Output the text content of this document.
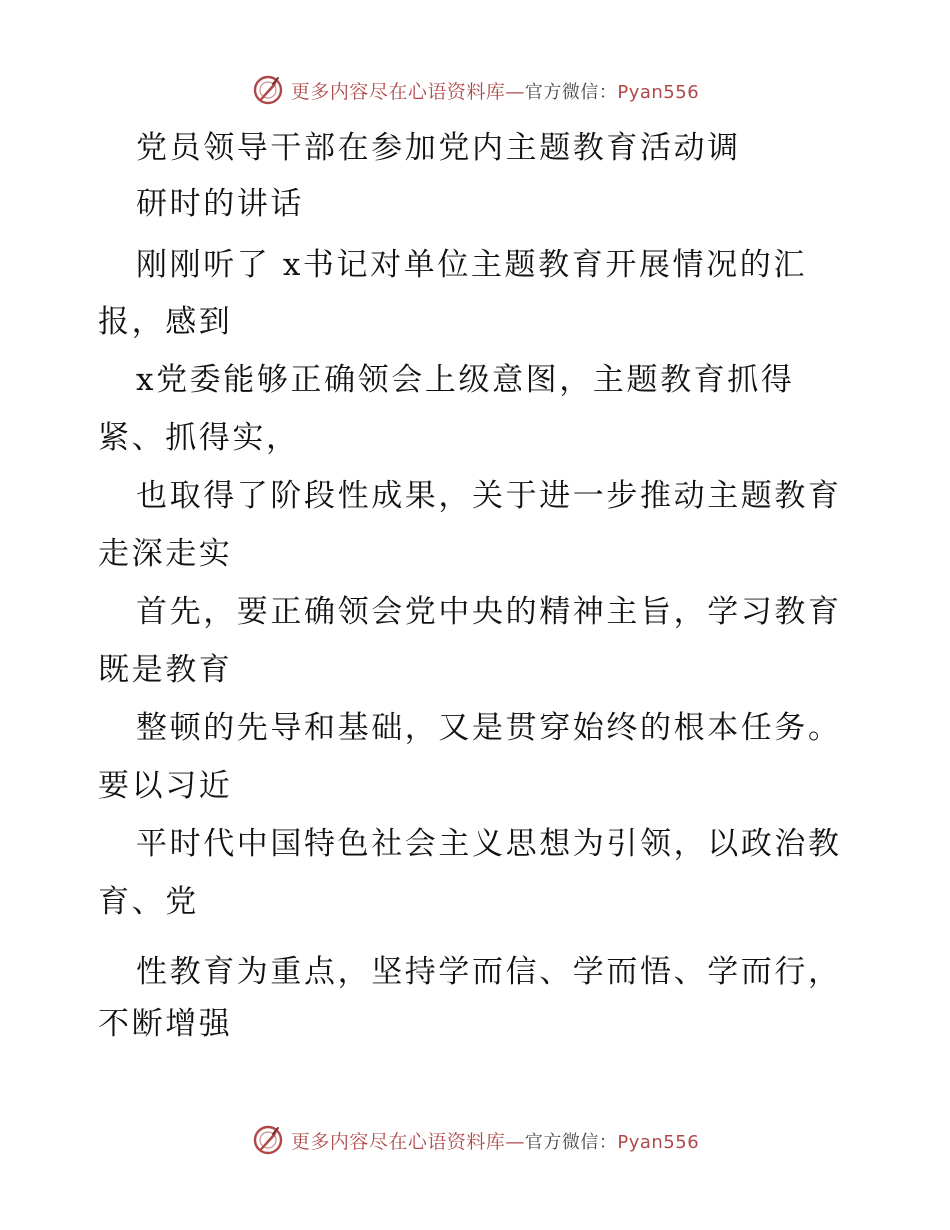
更多内容尽在心语资料库—官方微信：Pyan556
党员领导干部在参加党内主题教育活动调
研时的讲话
刚刚听了 x书记对单位主题教育开展情况的汇
报，感到
x党委能够正确领会上级意图，主题教育抓得
紧、抓得实，
也取得了阶段性成果，关于进一步推动主题教育
走深走实
首先，要正确领会党中央的精神主旨，学习教育
既是教育
整顿的先导和基础，又是贯穿始终的根本任务。
要以习近
平时代中国特色社会主义思想为引领，以政治教
育、党
性教育为重点，坚持学而信、学而悟、学而行，
不断增强
更多内容尽在心语资料库—官方微信：Pyan556
